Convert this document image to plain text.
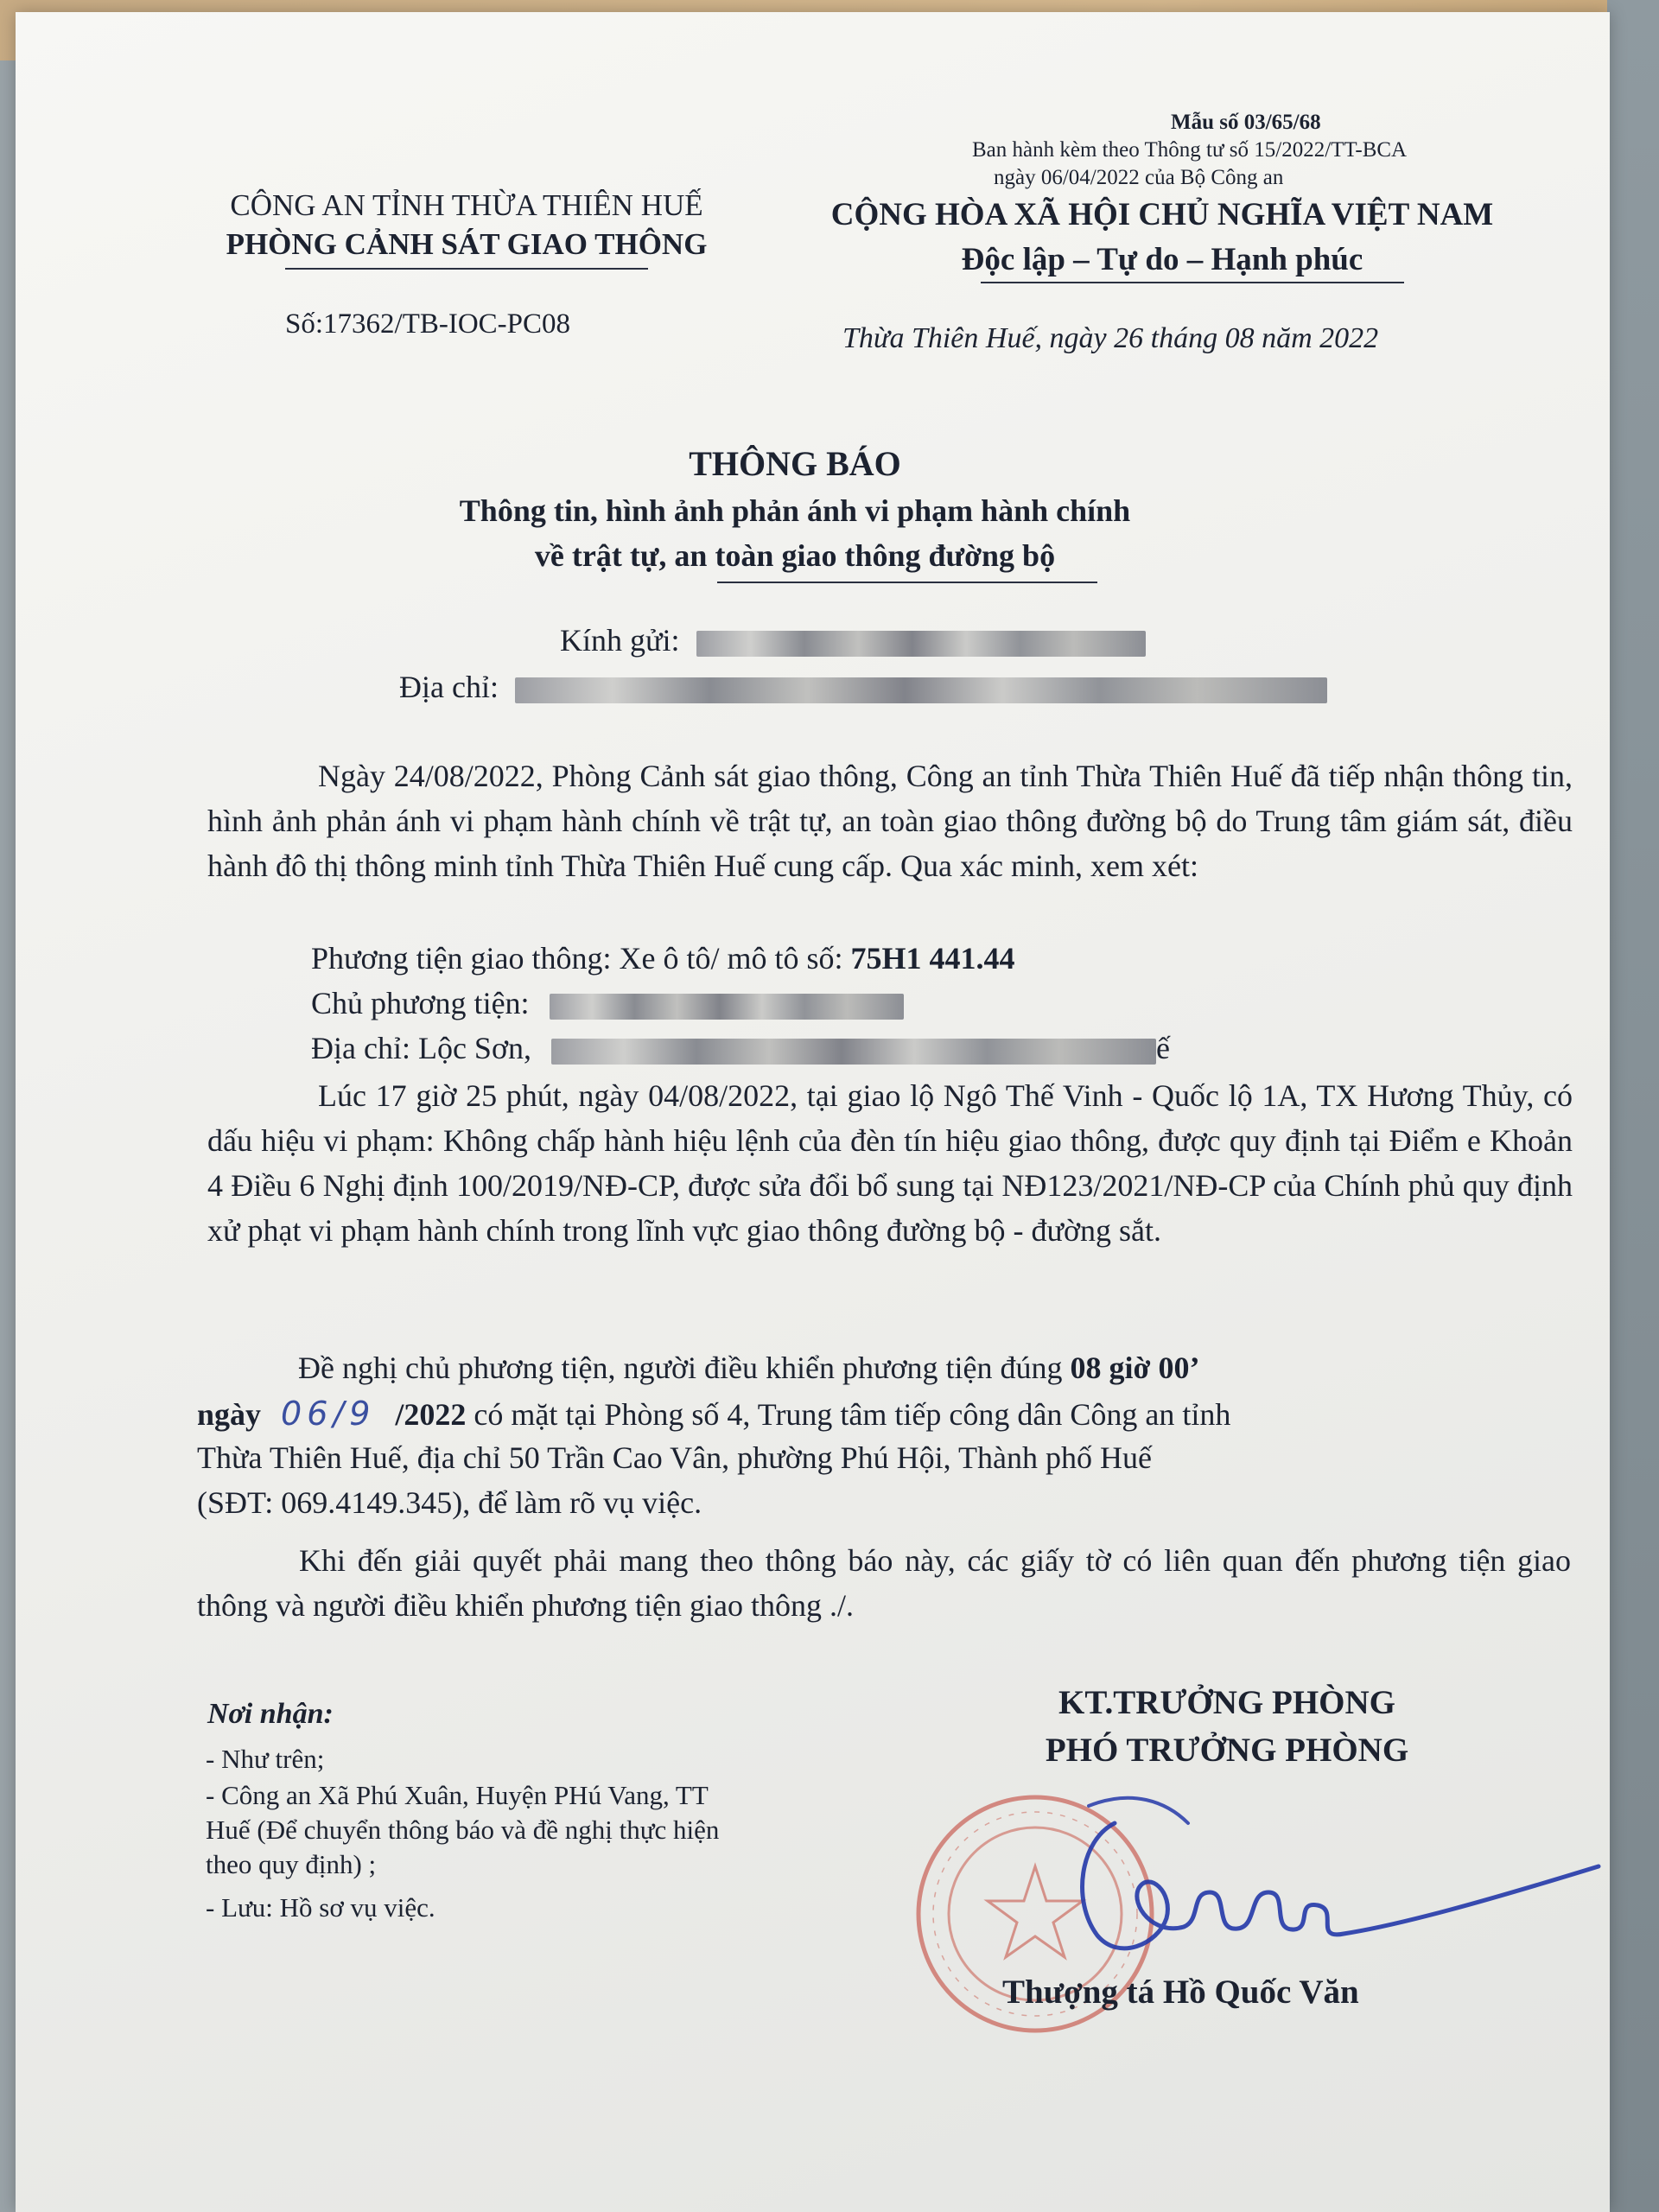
Mẫu số 03/65/68
Ban hành kèm theo Thông tư số 15/2022/TT-BCA
ngày 06/04/2022 của Bộ Công an
CÔNG AN TỈNH THỪA THIÊN HUẾ
PHÒNG CẢNH SÁT GIAO THÔNG
Số:17362/TB-IOC-PC08
CỘNG HÒA XÃ HỘI CHỦ NGHĨA VIỆT NAM
Độc lập – Tự do – Hạnh phúc
Thừa Thiên Huế, ngày 26 tháng 08 năm 2022
THÔNG BÁO
Thông tin, hình ảnh phản ánh vi phạm hành chính
về trật tự, an toàn giao thông đường bộ
Kính gửi:
Địa chỉ:
Ngày 24/08/2022, Phòng Cảnh sát giao thông, Công an tỉnh Thừa Thiên Huế đã tiếp nhận thông tin, hình ảnh phản ánh vi phạm hành chính về trật tự, an toàn giao thông đường bộ do Trung tâm giám sát, điều hành đô thị thông minh tỉnh Thừa Thiên Huế cung cấp. Qua xác minh, xem xét:
Phương tiện giao thông: Xe ô tô/ mô tô số: 75H1 441.44
Chủ phương tiện:
Địa chỉ: Lộc Sơn,	ế
Lúc 17 giờ 25 phút, ngày 04/08/2022, tại giao lộ Ngô Thế Vinh - Quốc lộ 1A, TX Hương Thủy, có dấu hiệu vi phạm: Không chấp hành hiệu lệnh của đèn tín hiệu giao thông, được quy định tại Điểm e Khoản 4 Điều 6 Nghị định 100/2019/NĐ-CP, được sửa đổi bổ sung tại NĐ123/2021/NĐ-CP của Chính phủ quy định xử phạt vi phạm hành chính trong lĩnh vực giao thông đường bộ - đường sắt.
Đề nghị chủ phương tiện, người điều khiển phương tiện đúng 08 giờ 00’
ngày 06/9 /2022 có mặt tại Phòng số 4, Trung tâm tiếp công dân Công an tỉnh
Thừa Thiên Huế, địa chỉ 50 Trần Cao Vân, phường Phú Hội, Thành phố Huế
(SĐT: 069.4149.345), để làm rõ vụ việc.
Khi đến giải quyết phải mang theo thông báo này, các giấy tờ có liên quan đến phương tiện giao thông và người điều khiển phương tiện giao thông ./.
Nơi nhận:
- Như trên;
- Công an Xã Phú Xuân, Huyện PHú Vang, TT
Huế (Để chuyển thông báo và đề nghị thực hiện
theo quy định) ;
- Lưu: Hồ sơ vụ việc.
KT.TRƯỞNG PHÒNG
PHÓ TRƯỞNG PHÒNG
Thượng tá Hồ Quốc Văn
